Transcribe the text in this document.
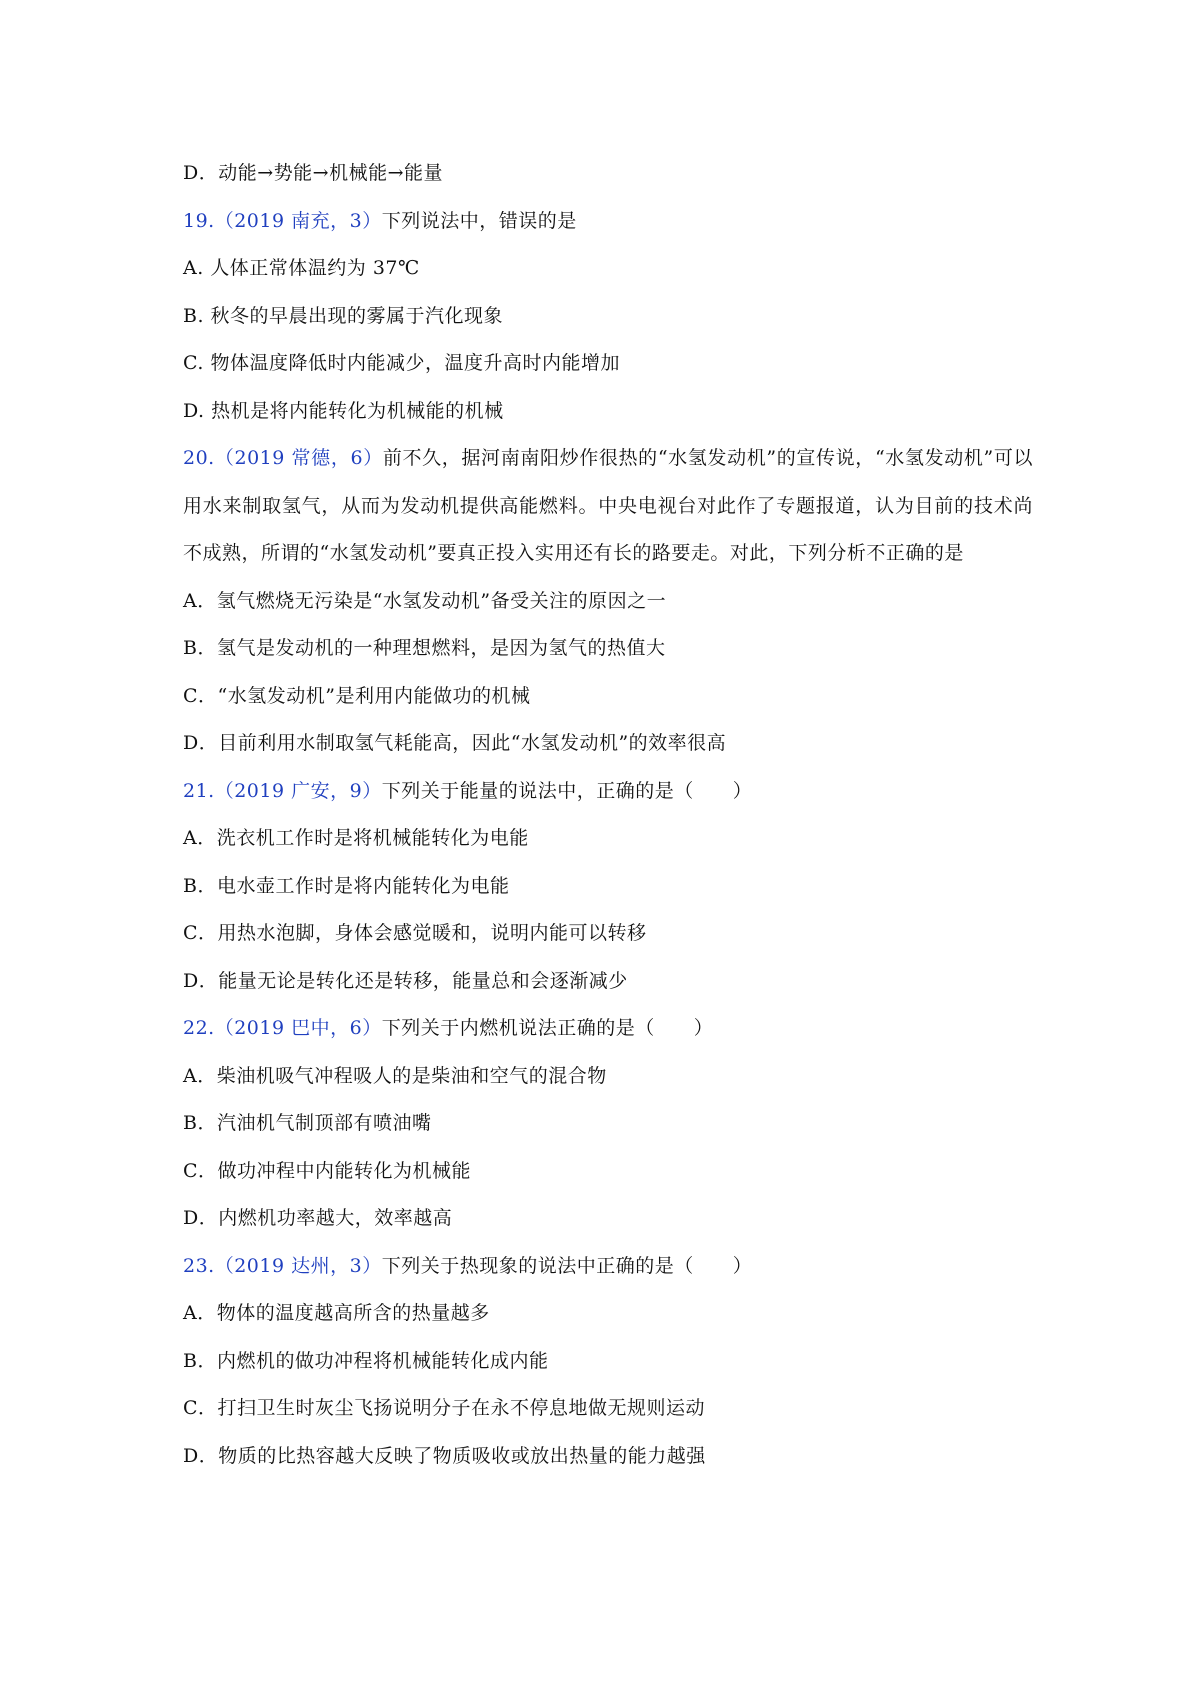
D．动能→势能→机械能→能量
19.（2019 南充，3）下列说法中，错误的是
A. 人体正常体温约为 37℃
B. 秋冬的早晨出现的雾属于汽化现象
C. 物体温度降低时内能减少，温度升高时内能增加
D. 热机是将内能转化为机械能的机械
20.（2019 常德，6）前不久，据河南南阳炒作很热的“水氢发动机”的宣传说，“水氢发动机”可以用水来制取氢气，从而为发动机提供高能燃料。中央电视台对此作了专题报道，认为目前的技术尚不成熟，所谓的“水氢发动机”要真正投入实用还有长的路要走。对此，下列分析不正确的是
A．氢气燃烧无污染是“水氢发动机”备受关注的原因之一
B．氢气是发动机的一种理想燃料，是因为氢气的热值大
C．“水氢发动机”是利用内能做功的机械
D．目前利用水制取氢气耗能高，因此“水氢发动机”的效率很高
21.（2019 广安，9）下列关于能量的说法中，正确的是（　　）
A．洗衣机工作时是将机械能转化为电能
B．电水壶工作时是将内能转化为电能
C．用热水泡脚，身体会感觉暖和，说明内能可以转移
D．能量无论是转化还是转移，能量总和会逐渐减少
22.（2019 巴中，6）下列关于内燃机说法正确的是（　　）
A．柴油机吸气冲程吸人的是柴油和空气的混合物
B．汽油机气制顶部有喷油嘴
C．做功冲程中内能转化为机械能
D．内燃机功率越大，效率越高
23.（2019 达州，3）下列关于热现象的说法中正确的是（　　）
A．物体的温度越高所含的热量越多
B．内燃机的做功冲程将机械能转化成内能
C．打扫卫生时灰尘飞扬说明分子在永不停息地做无规则运动
D．物质的比热容越大反映了物质吸收或放出热量的能力越强
